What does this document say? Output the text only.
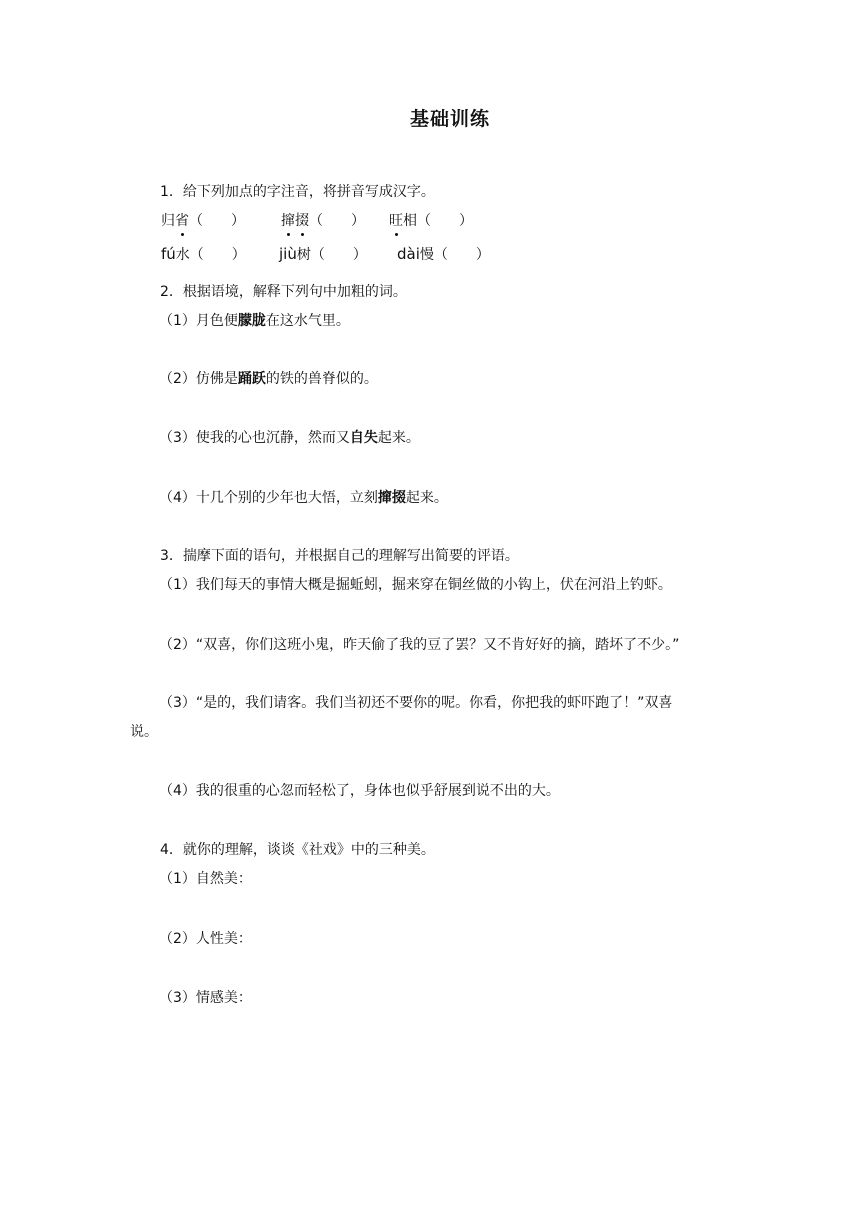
基础训练
1．给下列加点的字注音，将拼音写成汉字。
归省（　　）	撺掇（　　） 旺相（　　）
fú水（　　） jiù树（　　） dài慢（　　）
2．根据语境，解释下列句中加粗的词。
（1）月色便朦胧在这水气里。
（2）仿佛是踊跃的铁的兽脊似的。
（3）使我的心也沉静，然而又自失起来。
（4）十几个别的少年也大悟，立刻撺掇起来。
3．揣摩下面的语句，并根据自己的理解写出简要的评语。
（1）我们每天的事情大概是掘蚯蚓，掘来穿在铜丝做的小钩上，伏在河沿上钓虾。
（2）“双喜，你们这班小鬼，昨天偷了我的豆了罢？又不肯好好的摘，踏坏了不少。”
（3）“是的，我们请客。我们当初还不要你的呢。你看，你把我的虾吓跑了！”双喜
说。
（4）我的很重的心忽而轻松了，身体也似乎舒展到说不出的大。
4．就你的理解，谈谈《社戏》中的三种美。
（1）自然美：
（2）人性美：
（3）情感美：
